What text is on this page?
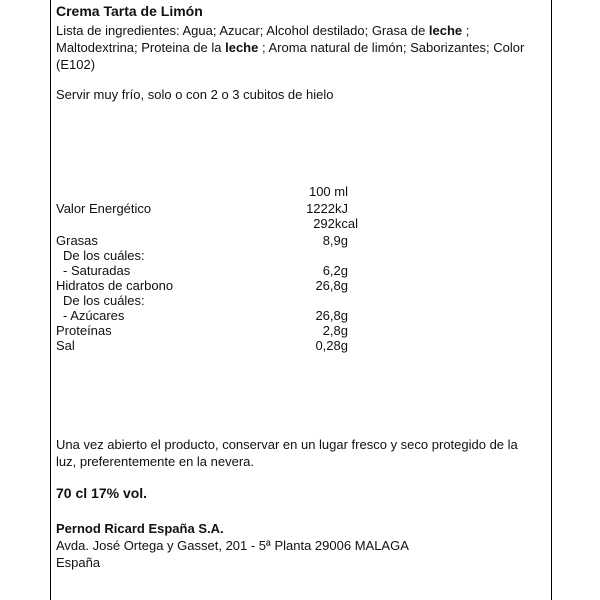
Crema Tarta de Limón
Lista de ingredientes: Agua; Azucar; Alcohol destilado; Grasa de leche ;
Maltodextrina; Proteina de la leche ; Aroma natural de limón; Saborizantes; Color
(E102)
Servir muy frío, solo o con 2 o 3 cubitos de hielo
100 ml
Valor Energético	1222kJ
292kcal
Grasas	8,9g
De los cuáles:
- Saturadas	6,2g
Hidratos de carbono	26,8g
De los cuáles:
- Azúcares	26,8g
Proteínas	2,8g
Sal	0,28g
Una vez abierto el producto, conservar en un lugar fresco y seco protegido de la
luz, preferentemente en la nevera.
70 cl 17% vol.
Pernod Ricard España S.A.
Avda. José Ortega y Gasset, 201 - 5ª Planta 29006 MALAGA
España
